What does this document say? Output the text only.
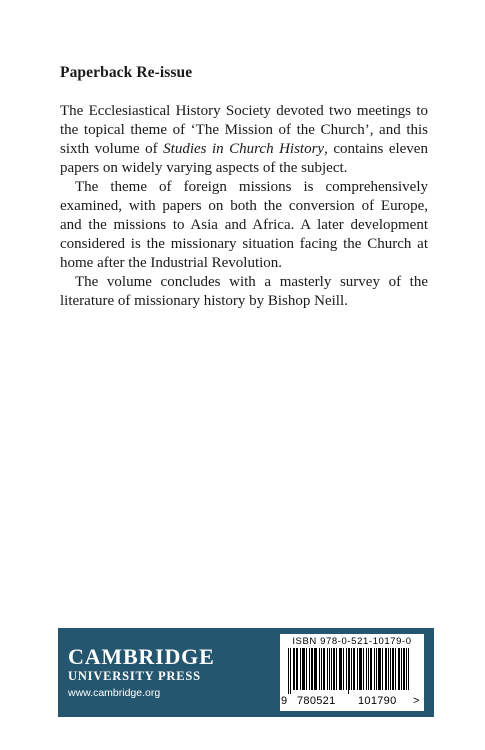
Paperback Re-issue

The Ecclesiastical History Society devoted two meetings to the topical theme of ‘The Mission of the Church’, and this sixth volume of Studies in Church History, contains eleven papers on widely varying aspects of the subject.

The theme of foreign missions is comprehensively examined, with papers on both the conversion of Europe, and the missions to Asia and Africa. A later development considered is the missionary situation facing the Church at home after the Industrial Revolution.

The volume concludes with a masterly survey of the literature of missionary history by Bishop Neill.

CAMBRIDGE
UNIVERSITY PRESS
www.cambridge.org
ISBN 978-0-521-10179-0
9 780521 101790 >
